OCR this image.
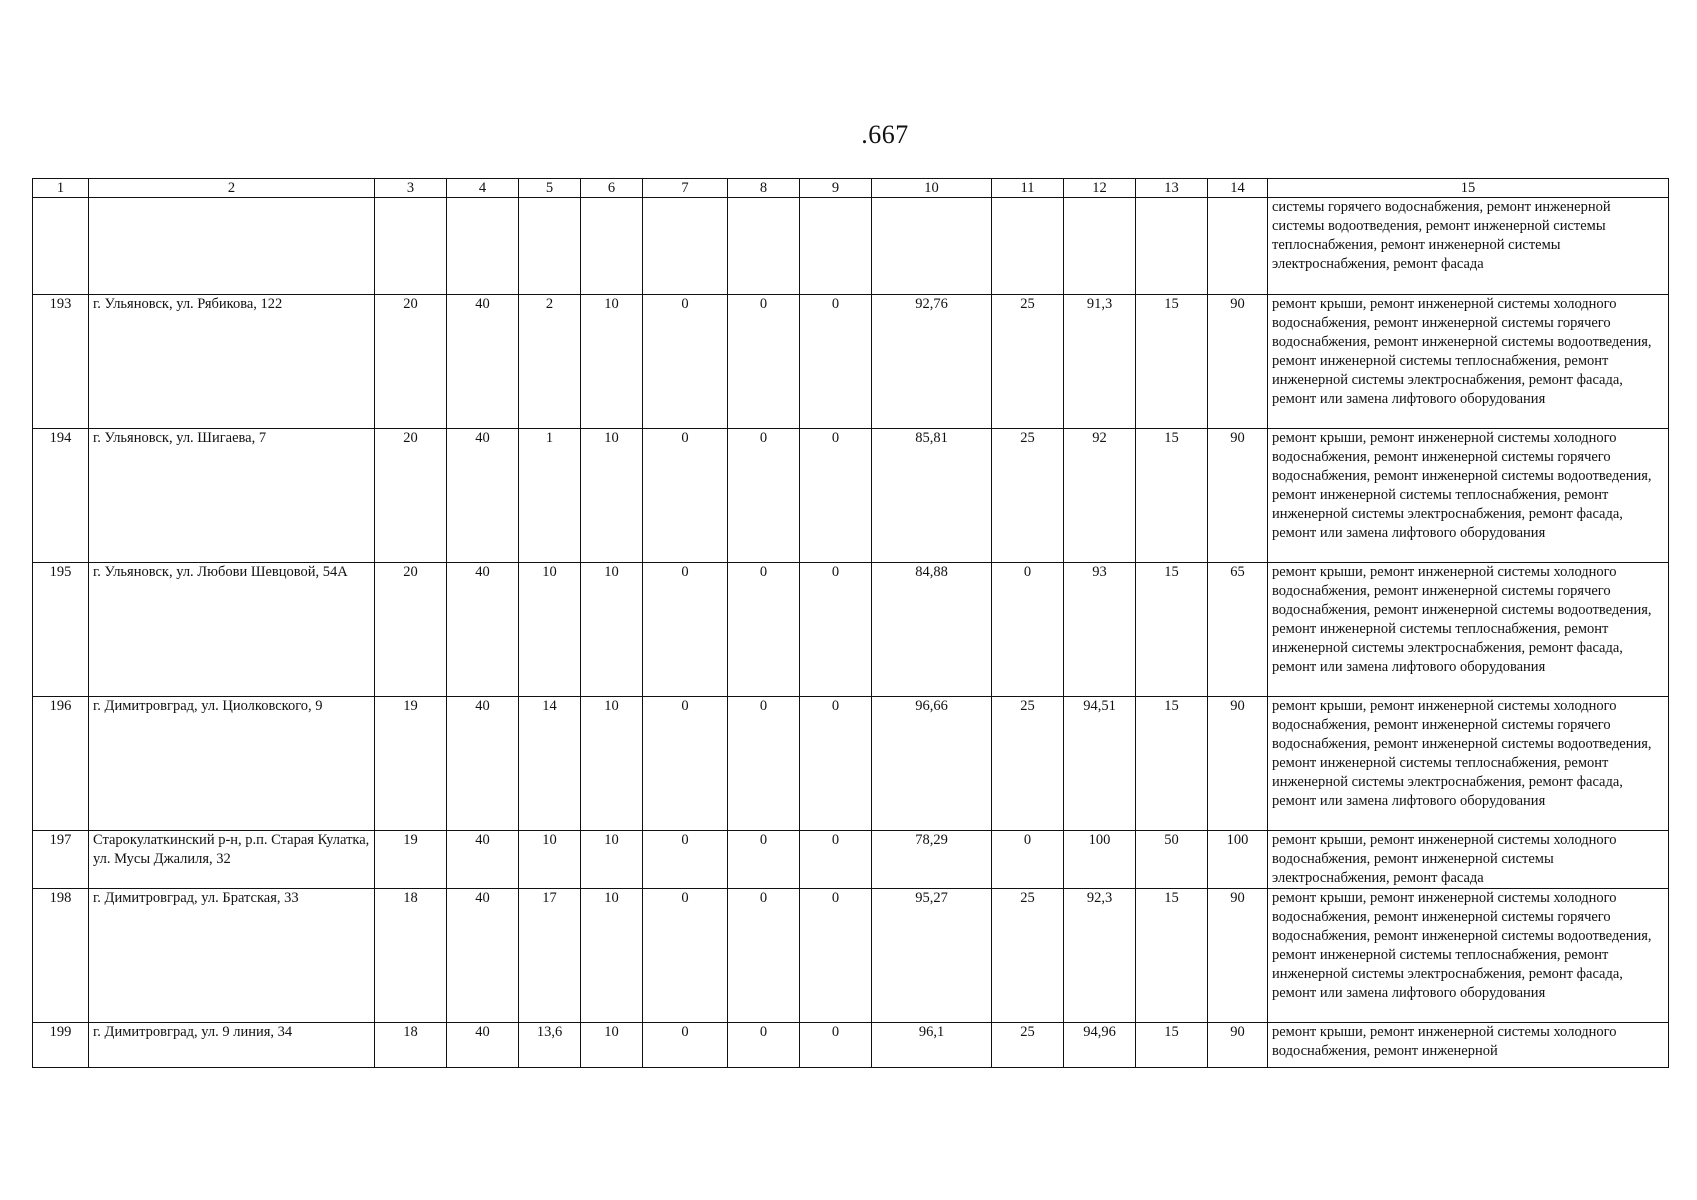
.667
1	2	3	4	5	6	7	8	9	10	11	12	13	14	15
														системы горячего водоснабжения, ремонт инженерной системы водоотведения, ремонт инженерной системы теплоснабжения, ремонт инженерной системы электроснабжения, ремонт фасада
193	г. Ульяновск, ул. Рябикова, 122	20	40	2	10	0	0	0	92,76	25	91,3	15	90	ремонт крыши, ремонт инженерной системы холодного водоснабжения, ремонт инженерной системы горячего водоснабжения, ремонт инженерной системы водоотведения, ремонт инженерной системы теплоснабжения, ремонт инженерной системы электроснабжения, ремонт фасада, ремонт или замена лифтового оборудования
194	г. Ульяновск, ул. Шигаева, 7	20	40	1	10	0	0	0	85,81	25	92	15	90	ремонт крыши, ремонт инженерной системы холодного водоснабжения, ремонт инженерной системы горячего водоснабжения, ремонт инженерной системы водоотведения, ремонт инженерной системы теплоснабжения, ремонт инженерной системы электроснабжения, ремонт фасада, ремонт или замена лифтового оборудования
195	г. Ульяновск, ул. Любови Шевцовой, 54А	20	40	10	10	0	0	0	84,88	0	93	15	65	ремонт крыши, ремонт инженерной системы холодного водоснабжения, ремонт инженерной системы горячего водоснабжения, ремонт инженерной системы водоотведения, ремонт инженерной системы теплоснабжения, ремонт инженерной системы электроснабжения, ремонт фасада, ремонт или замена лифтового оборудования
196	г. Димитровград, ул. Циолковского, 9	19	40	14	10	0	0	0	96,66	25	94,51	15	90	ремонт крыши, ремонт инженерной системы холодного водоснабжения, ремонт инженерной системы горячего водоснабжения, ремонт инженерной системы водоотведения, ремонт инженерной системы теплоснабжения, ремонт инженерной системы электроснабжения, ремонт фасада, ремонт или замена лифтового оборудования
197	Старокулаткинский р-н, р.п. Старая Кулатка, ул. Мусы Джалиля, 32	19	40	10	10	0	0	0	78,29	0	100	50	100	ремонт крыши, ремонт инженерной системы холодного водоснабжения, ремонт инженерной системы электроснабжения, ремонт фасада
198	г. Димитровград, ул. Братская, 33	18	40	17	10	0	0	0	95,27	25	92,3	15	90	ремонт крыши, ремонт инженерной системы холодного водоснабжения, ремонт инженерной системы горячего водоснабжения, ремонт инженерной системы водоотведения, ремонт инженерной системы теплоснабжения, ремонт инженерной системы электроснабжения, ремонт фасада, ремонт или замена лифтового оборудования
199	г. Димитровград, ул. 9 линия, 34	18	40	13,6	10	0	0	0	96,1	25	94,96	15	90	ремонт крыши, ремонт инженерной системы холодного водоснабжения, ремонт инженерной
